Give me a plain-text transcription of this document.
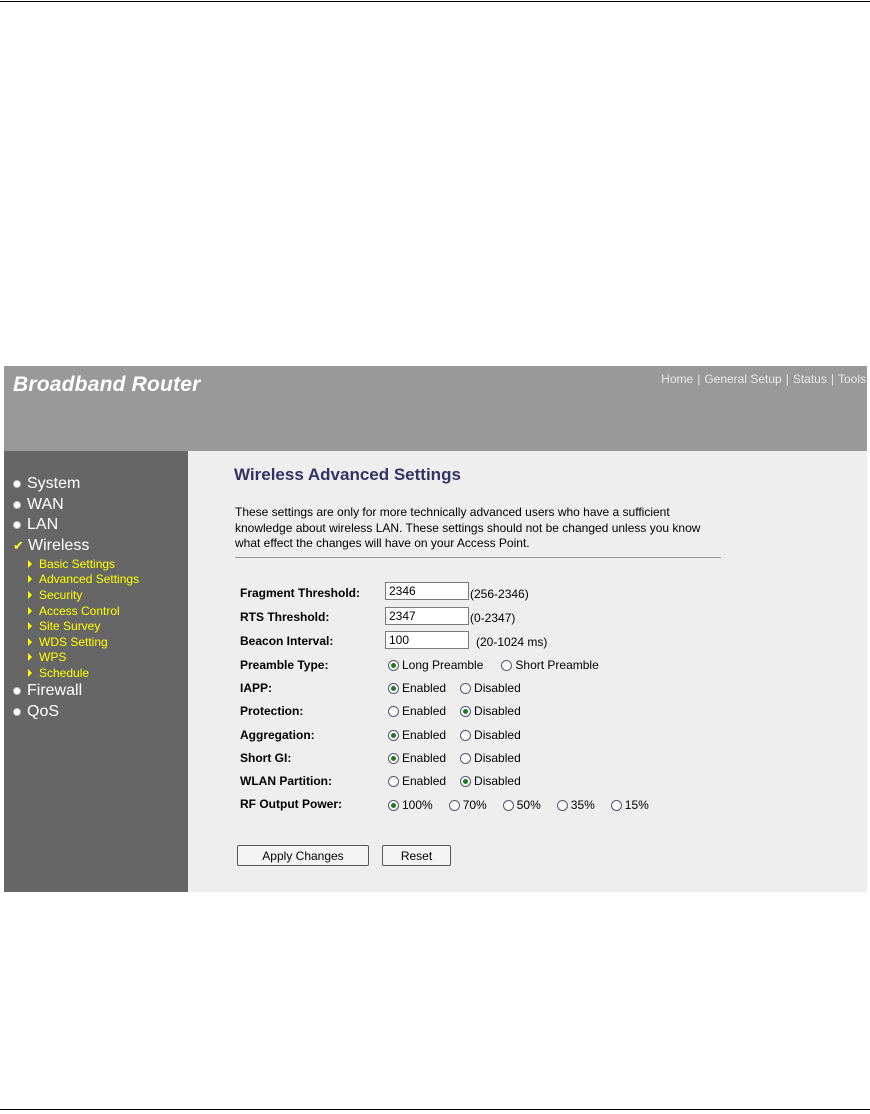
Broadband Router	Home | General Setup | Status | Tools
System
WAN
LAN
✔ Wireless
Basic Settings
Advanced Settings
Security
Access Control
Site Survey
WDS Setting
WPS
Schedule
Firewall
QoS
Wireless Advanced Settings
These settings are only for more technically advanced users who have a sufficient knowledge about wireless LAN. These settings should not be changed unless you know what effect the changes will have on your Access Point.
Fragment Threshold:
2346	(256-2346)
RTS Threshold:
2347	(0-2347)
Beacon Interval:
100	(20-1024 ms)
Preamble Type:	Long Preamble	Short Preamble
IAPP:	Enabled Disabled
Protection:	Enabled Disabled
Aggregation:	Enabled Disabled
Short GI:	Enabled Disabled
WLAN Partition:	Enabled Disabled
RF Output Power:	100%	70%	50%	35%	15%
Apply Changes	Reset
